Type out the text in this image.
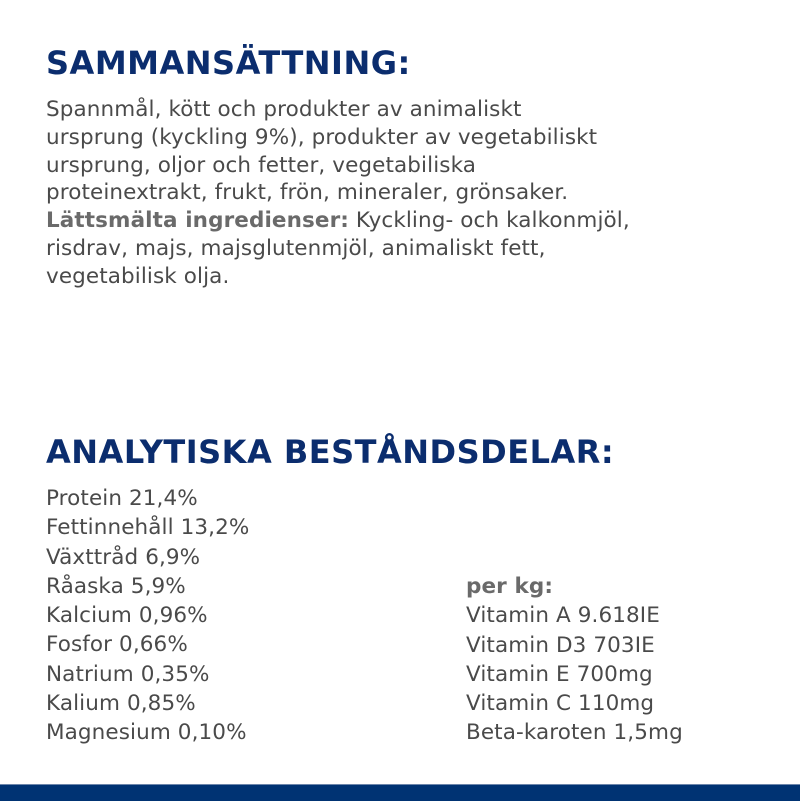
SAMMANSÄTTNING:

Spannmål, kött och produkter av animaliskt
ursprung (kyckling 9%), produkter av vegetabiliskt
ursprung, oljor och fetter, vegetabiliska
proteinextrakt, frukt, frön, mineraler, grönsaker.
Lättsmälta ingredienser: Kyckling- och kalkonmjöl,
risdrav, majs, majsglutenmjöl, animaliskt fett,
vegetabilisk olja.

ANALYTISKA BESTÅNDSDELAR:
Protein 21,4%
Fettinnehåll 13,2%
Växttråd 6,9%
Råaska 5,9%
Kalcium 0,96%
Fosfor 0,66%
Natrium 0,35%
Kalium 0,85%
Magnesium 0,10%
per kg:
Vitamin A 9.618IE
Vitamin D3 703IE
Vitamin E 700mg
Vitamin C 110mg
Beta-karoten 1,5mg
